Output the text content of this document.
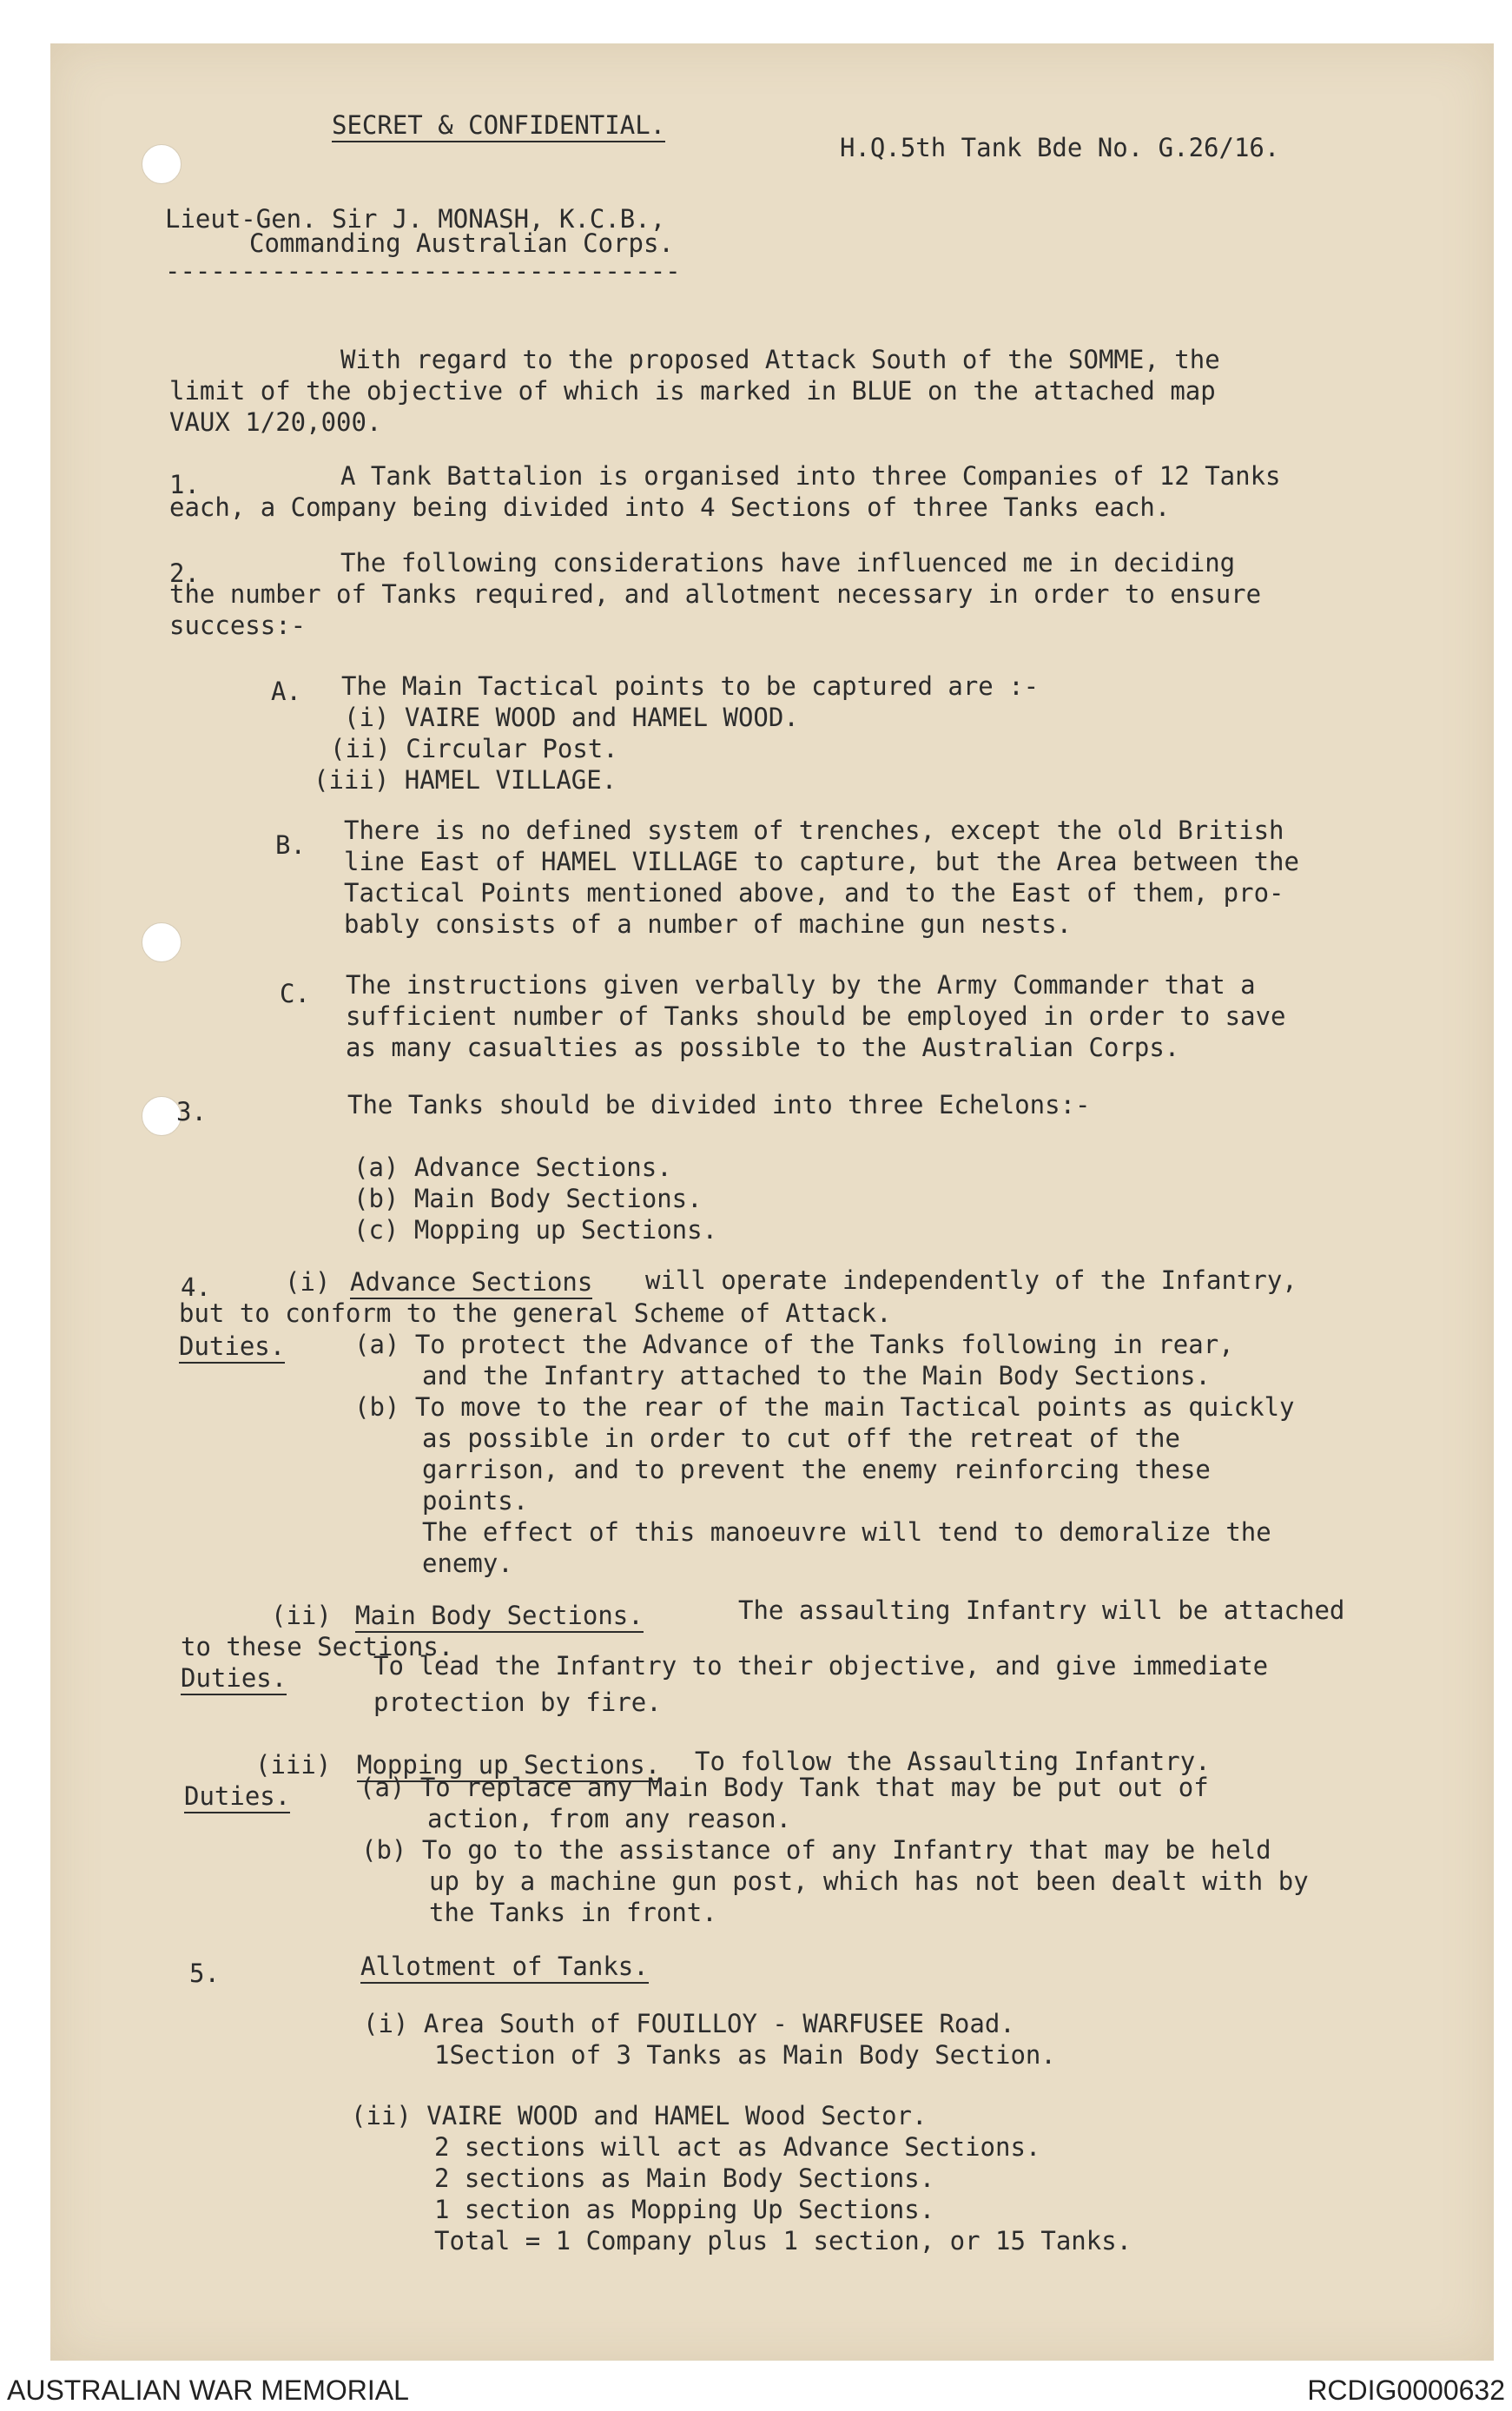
SECRET & CONFIDENTIAL.
H.Q.5th Tank Bde No. G.26/16.
Lieut-Gen. Sir J. MONASH, K.C.B.,
Commanding Australian Corps.
----------------------------------
With regard to the proposed Attack South of the SOMME, the
limit of the objective of which is marked in BLUE on the attached map
VAUX 1/20,000.
1.	A Tank Battalion is organised into three Companies of 12 Tanks
each, a Company being divided into 4 Sections of three Tanks each.
2.	The following considerations have influenced me in deciding
the number of Tanks required, and allotment necessary in order to ensure
success:-
A. The Main Tactical points to be captured are :-
(i) VAIRE WOOD and HAMEL WOOD.
(ii) Circular Post.
(iii) HAMEL VILLAGE.
B. There is no defined system of trenches, except the old British
line East of HAMEL VILLAGE to capture, but the Area between the
Tactical Points mentioned above, and to the East of them, pro-
bably consists of a number of machine gun nests.
C. The instructions given verbally by the Army Commander that a
sufficient number of Tanks should be employed in order to save
as many casualties as possible to the Australian Corps.
3.	The Tanks should be divided into three Echelons:-
(a) Advance Sections.
(b) Main Body Sections.
(c) Mopping up Sections.
4.	(i) Advance Sections will operate independently of the Infantry,
but to conform to the general Scheme of Attack.
Duties.	(a) To protect the Advance of the Tanks following in rear,
and the Infantry attached to the Main Body Sections.
(b) To move to the rear of the main Tactical points as quickly
as possible in order to cut off the retreat of the
garrison, and to prevent the enemy reinforcing these
points.
The effect of this manoeuvre will tend to demoralize the
enemy.
(ii) Main Body Sections.	The assaulting Infantry will be attached
to these Sections.
Duties.	To lead the Infantry to their objective, and give immediate
protection by fire.
(iii) Mopping up Sections. To follow the Assaulting Infantry.
Duties.	(a) To replace any Main Body Tank that may be put out of
action, from any reason.
(b) To go to the assistance of any Infantry that may be held
up by a machine gun post, which has not been dealt with by
the Tanks in front.
5.	Allotment of Tanks.
(i) Area South of FOUILLOY - WARFUSEE Road.
1Section of 3 Tanks as Main Body Section.
(ii) VAIRE WOOD and HAMEL Wood Sector.
2 sections will act as Advance Sections.
2 sections as Main Body Sections.
1 section as Mopping Up Sections.
Total = 1 Company plus 1 section, or 15 Tanks.
AUSTRALIAN WAR MEMORIAL	RCDIG0000632
